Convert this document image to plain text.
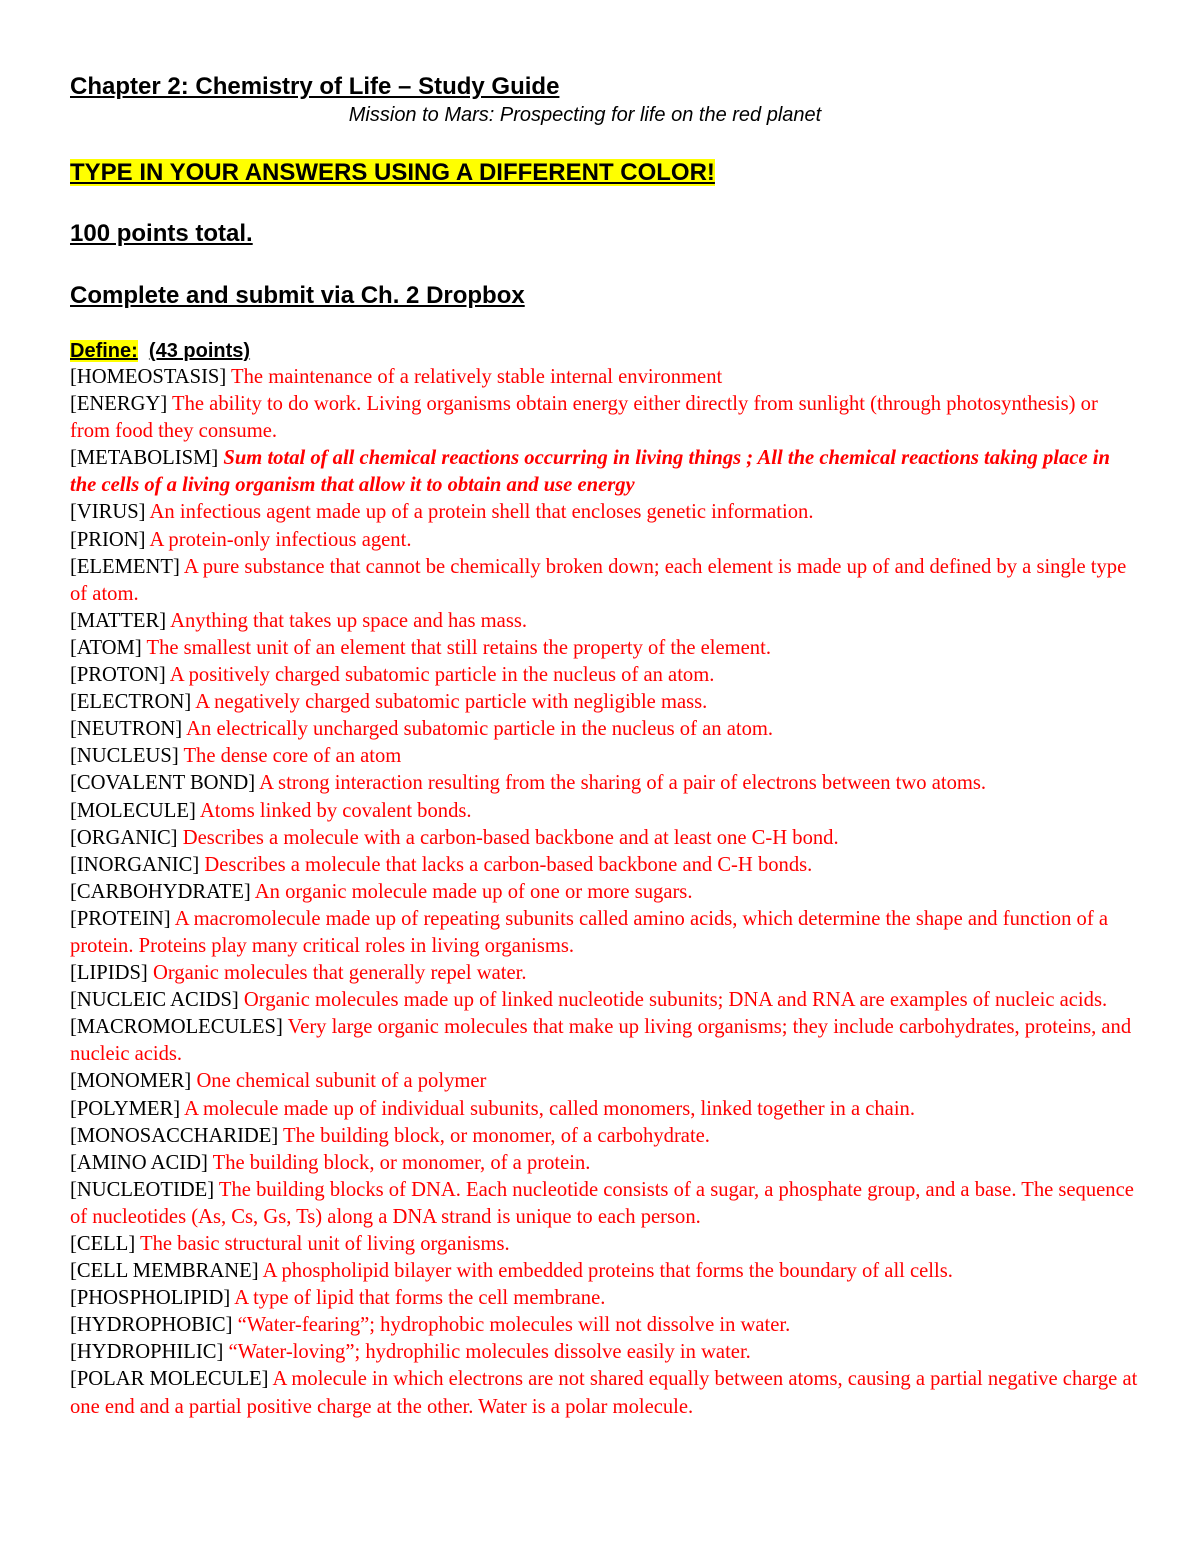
Chapter 2: Chemistry of Life – Study Guide

Mission to Mars: Prospecting for life on the red planet

TYPE IN YOUR ANSWERS USING A DIFFERENT COLOR!
100 points total.
Complete and submit via Ch. 2 Dropbox
Define: (43 points)
[HOMEOSTASIS] The maintenance of a relatively stable internal environment
[ENERGY] The ability to do work. Living organisms obtain energy either directly from sunlight (through photosynthesis) or from food they consume.
[METABOLISM] Sum total of all chemical reactions occurring in living things ; All the chemical reactions taking place in the cells of a living organism that allow it to obtain and use energy
[VIRUS] An infectious agent made up of a protein shell that encloses genetic information.
[PRION] A protein-only infectious agent.
[ELEMENT] A pure substance that cannot be chemically broken down; each element is made up of and defined by a single type of atom.
[MATTER] Anything that takes up space and has mass.
[ATOM] The smallest unit of an element that still retains the property of the element.
[PROTON] A positively charged subatomic particle in the nucleus of an atom.
[ELECTRON] A negatively charged subatomic particle with negligible mass.
[NEUTRON] An electrically uncharged subatomic particle in the nucleus of an atom.
[NUCLEUS] The dense core of an atom
[COVALENT BOND] A strong interaction resulting from the sharing of a pair of electrons between two atoms.
[MOLECULE] Atoms linked by covalent bonds.
[ORGANIC] Describes a molecule with a carbon-based backbone and at least one C-H bond.
[INORGANIC] Describes a molecule that lacks a carbon-based backbone and C-H bonds.
[CARBOHYDRATE] An organic molecule made up of one or more sugars.
[PROTEIN] A macromolecule made up of repeating subunits called amino acids, which determine the shape and function of a protein. Proteins play many critical roles in living organisms.
[LIPIDS] Organic molecules that generally repel water.
[NUCLEIC ACIDS] Organic molecules made up of linked nucleotide subunits; DNA and RNA are examples of nucleic acids.
[MACROMOLECULES] Very large organic molecules that make up living organisms; they include carbohydrates, proteins, and nucleic acids.
[MONOMER] One chemical subunit of a polymer
[POLYMER] A molecule made up of individual subunits, called monomers, linked together in a chain.
[MONOSACCHARIDE] The building block, or monomer, of a carbohydrate.
[AMINO ACID] The building block, or monomer, of a protein.
[NUCLEOTIDE] The building blocks of DNA. Each nucleotide consists of a sugar, a phosphate group, and a base. The sequence of nucleotides (As, Cs, Gs, Ts) along a DNA strand is unique to each person.
[CELL] The basic structural unit of living organisms.
[CELL MEMBRANE] A phospholipid bilayer with embedded proteins that forms the boundary of all cells.
[PHOSPHOLIPID] A type of lipid that forms the cell membrane.
[HYDROPHOBIC] “Water-fearing”; hydrophobic molecules will not dissolve in water.
[HYDROPHILIC] “Water-loving”; hydrophilic molecules dissolve easily in water.
[POLAR MOLECULE] A molecule in which electrons are not shared equally between atoms, causing a partial negative charge at one end and a partial positive charge at the other. Water is a polar molecule.
